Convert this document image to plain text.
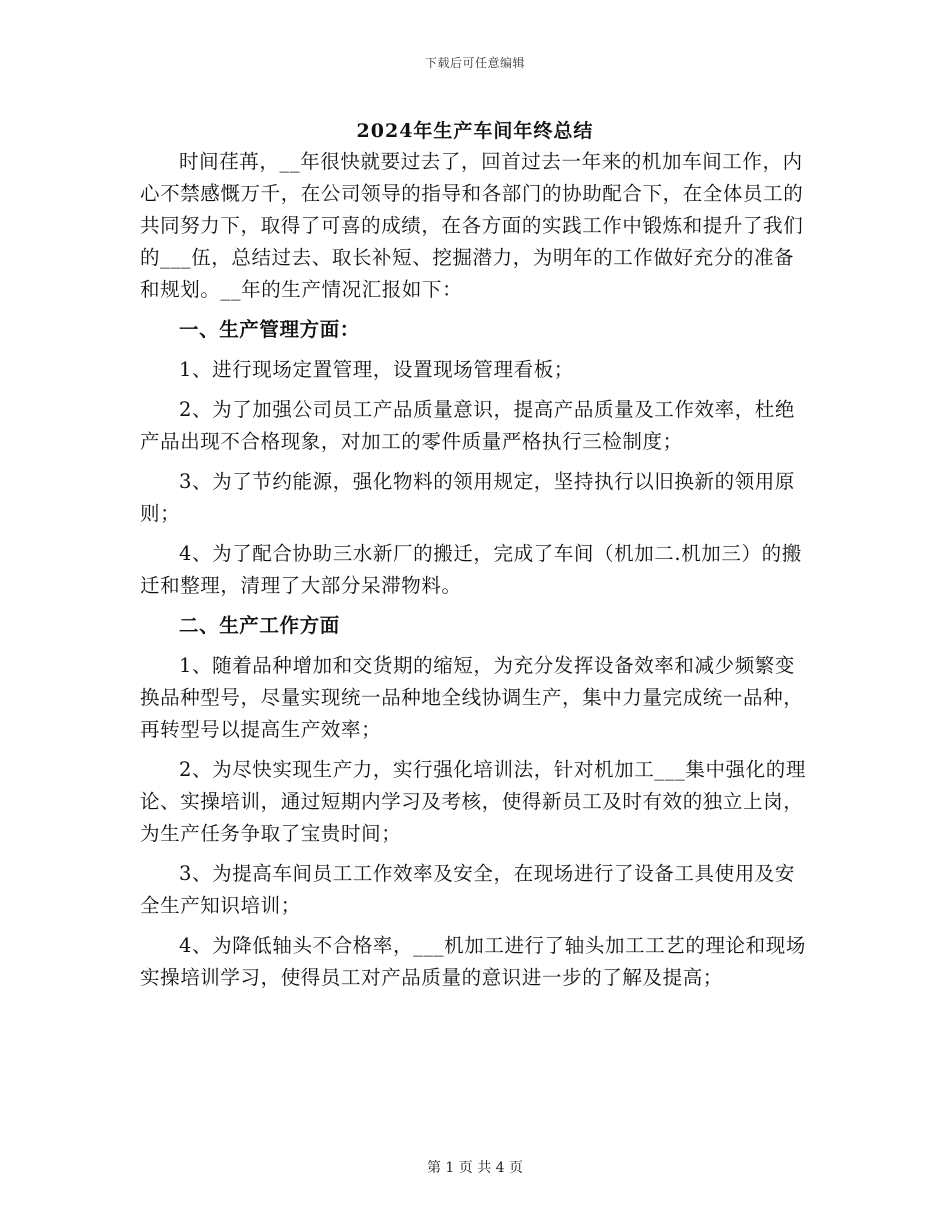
下载后可任意编辑
2024年生产车间年终总结

时间荏苒，__年很快就要过去了，回首过去一年来的机加车间工作，内心不禁感慨万千，在公司领导的指导和各部门的协助配合下，在全体员工的共同努力下，取得了可喜的成绩，在各方面的实践工作中锻炼和提升了我们的___伍，总结过去、取长补短、挖掘潜力，为明年的工作做好充分的准备和规划。__年的生产情况汇报如下：

一、生产管理方面：

1、进行现场定置管理，设置现场管理看板；

2、为了加强公司员工产品质量意识，提高产品质量及工作效率，杜绝产品出现不合格现象，对加工的零件质量严格执行三检制度；

3、为了节约能源，强化物料的领用规定，坚持执行以旧换新的领用原则；

4、为了配合协助三水新厂的搬迁，完成了车间（机加二.机加三）的搬迁和整理，清理了大部分呆滞物料。

二、生产工作方面

1、随着品种增加和交货期的缩短，为充分发挥设备效率和减少频繁变换品种型号，尽量实现统一品种地全线协调生产，集中力量完成统一品种，再转型号以提高生产效率；

2、为尽快实现生产力，实行强化培训法，针对机加工___集中强化的理论、实操培训，通过短期内学习及考核，使得新员工及时有效的独立上岗，为生产任务争取了宝贵时间；

3、为提高车间员工工作效率及安全，在现场进行了设备工具使用及安全生产知识培训；

4、为降低轴头不合格率，___机加工进行了轴头加工工艺的理论和现场实操培训学习，使得员工对产品质量的意识进一步的了解及提高；

第 1 页 共 4 页
